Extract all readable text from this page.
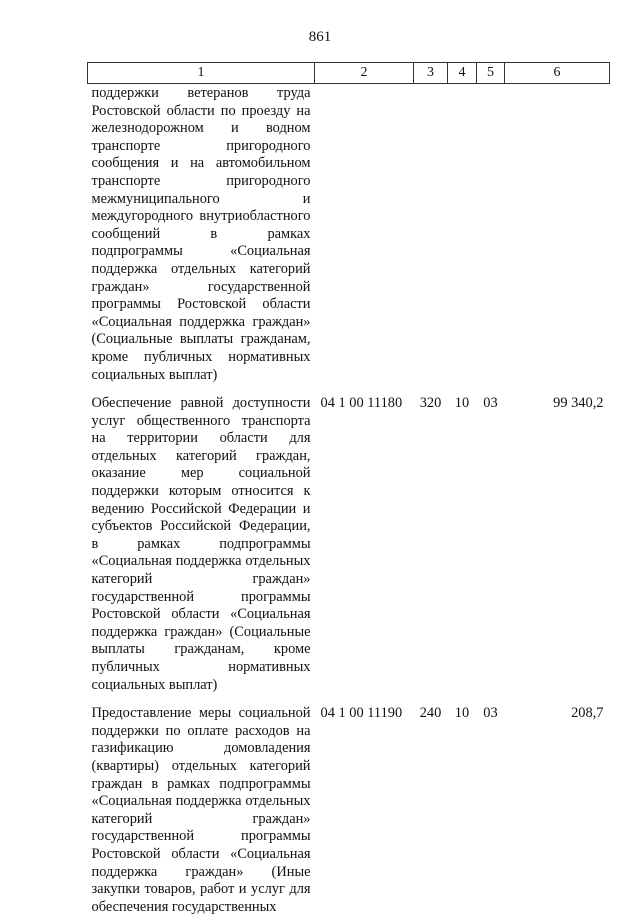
861
1	2	3	4	5	6
поддержки ветеранов труда Ростовской области по проезду на железнодорожном и водном транспорте пригородного сообщения и на автомобильном транспорте пригородного межмуниципального и междугородного внутриобластного сообщений в рамках подпрограммы «Социальная поддержка отдельных категорий граждан» государственной программы Ростовской области «Социальная поддержка граждан» (Социальные выплаты гражданам, кроме публичных нормативных социальных выплат)					
Обеспечение равной доступности услуг общественного транспорта на территории области для отдельных категорий граждан, оказание мер социальной поддержки которым относится к ведению Российской Федерации и субъектов Российской Федерации, в рамках подпрограммы «Социальная поддержка отдельных категорий граждан» государственной программы Ростовской области «Социальная поддержка граждан» (Социальные выплаты гражданам, кроме публичных нормативных социальных выплат)	04 1 00 11180	320	10	03	99 340,2
Предоставление меры социальной поддержки по оплате расходов на газификацию домовладения (квартиры) отдельных категорий граждан в рамках подпрограммы «Социальная поддержка отдельных категорий граждан» государственной программы Ростовской области «Социальная поддержка граждан» (Иные закупки товаров, работ и услуг для обеспечения государственных	04 1 00 11190	240	10	03	208,7
